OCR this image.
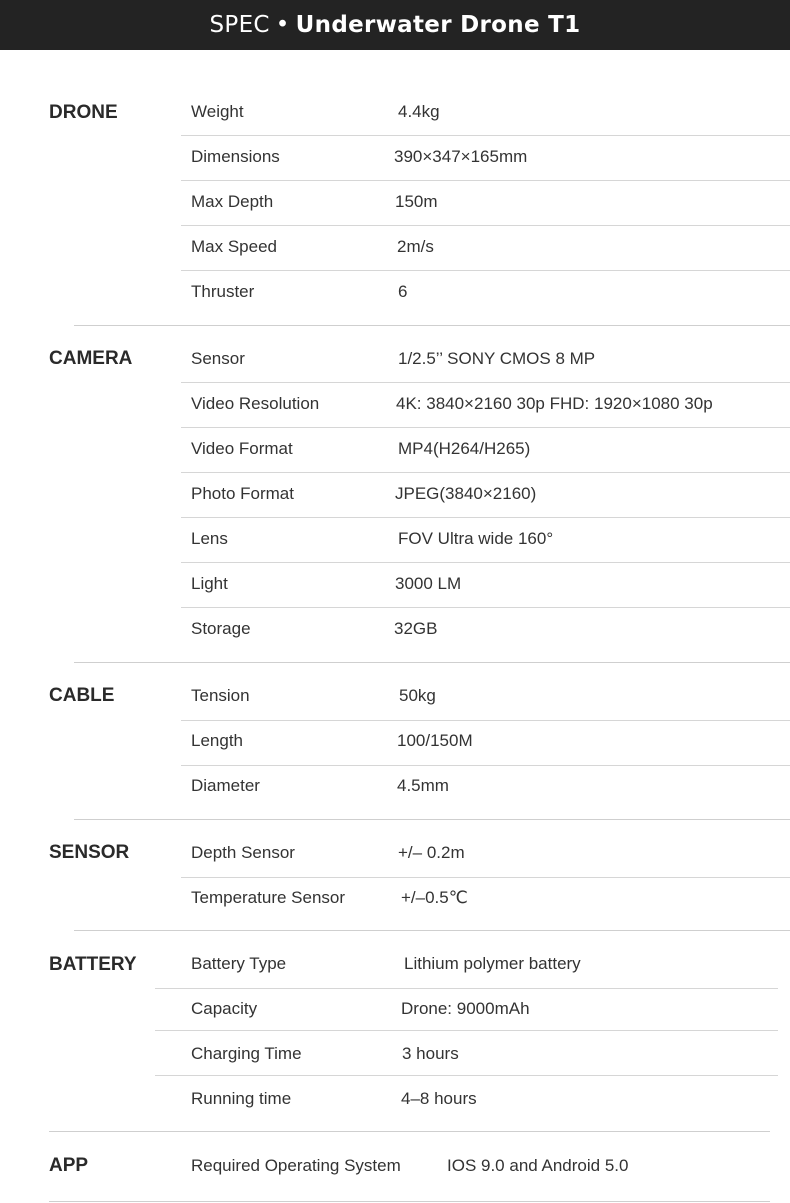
SPEC • Underwater Drone T1
DRONE	Weight	4.4kg
Dimensions	390×347×165mm
Max Depth	150m
Max Speed	2m/s
Thruster	6
CAMERA	Sensor	1/2.5’’ SONY CMOS 8 MP
Video Resolution	4K: 3840×2160 30p FHD: 1920×1080 30p
Video Format	MP4(H264/H265)
Photo Format	JPEG(3840×2160)
Lens	FOV Ultra wide 160°
Light	3000 LM
Storage	32GB
CABLE	Tension	50kg
Length	100/150M
Diameter	4.5mm
SENSOR	Depth Sensor	+/– 0.2m
Temperature Sensor	+/–0.5℃
BATTERY	Battery Type	Lithium polymer battery
Capacity	Drone: 9000mAh
Charging Time	3 hours
Running time	4–8 hours
APP	Required Operating System	IOS 9.0 and Android 5.0
